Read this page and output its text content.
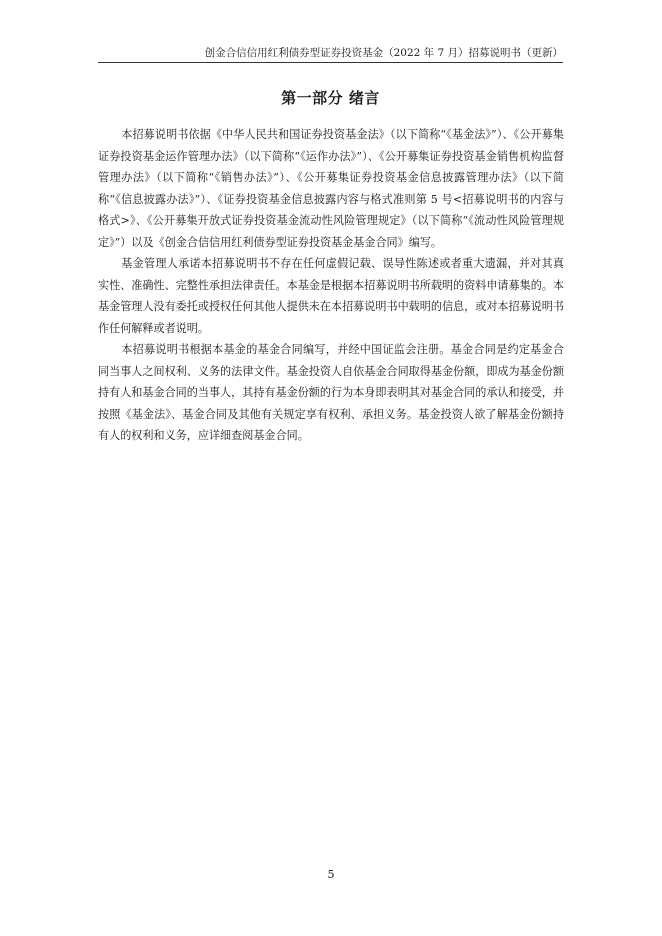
创金合信信用红利债券型证券投资基金（2022 年 7 月）招募说明书（更新）
第一部分 绪言

本招募说明书依据《中华人民共和国证券投资基金法》（以下简称“《基金法》”）、《公开募集证券投资基金运作管理办法》（以下简称“《运作办法》”）、《公开募集证券投资基金销售机构监督管理办法》（以下简称“《销售办法》”）、《公开募集证券投资基金信息披露管理办法》（以下简称“《信息披露办法》”）、《证券投资基金信息披露内容与格式准则第 5 号<招募说明书的内容与格式>》、《公开募集开放式证券投资基金流动性风险管理规定》（以下简称“《流动性风险管理规定》”）以及《创金合信信用红利债券型证券投资基金基金合同》编写。

基金管理人承诺本招募说明书不存在任何虚假记载、误导性陈述或者重大遗漏，并对其真实性、准确性、完整性承担法律责任。本基金是根据本招募说明书所载明的资料申请募集的。本基金管理人没有委托或授权任何其他人提供未在本招募说明书中载明的信息，或对本招募说明书作任何解释或者说明。

本招募说明书根据本基金的基金合同编写，并经中国证监会注册。基金合同是约定基金合同当事人之间权利、义务的法律文件。基金投资人自依基金合同取得基金份额，即成为基金份额持有人和基金合同的当事人，其持有基金份额的行为本身即表明其对基金合同的承认和接受，并按照《基金法》、基金合同及其他有关规定享有权利、承担义务。基金投资人欲了解基金份额持有人的权利和义务，应详细查阅基金合同。

5
